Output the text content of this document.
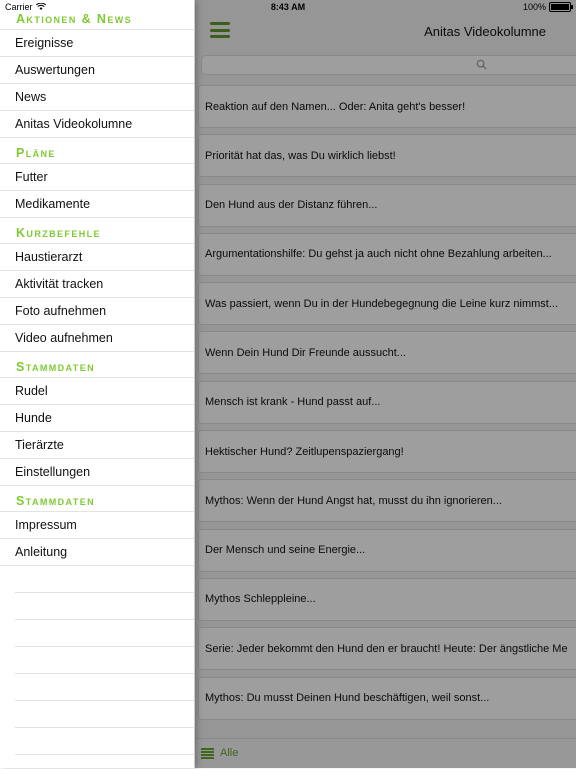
Carrier	8:43 AM	100%
Anitas Videokolumne
Reaktion auf den Namen... Oder: Anita geht's besser!
Priorität hat das, was Du wirklich liebst!
Den Hund aus der Distanz führen...
Argumentationshilfe: Du gehst ja auch nicht ohne Bezahlung arbeiten...
Was passiert, wenn Du in der Hundebegegnung die Leine kurz nimmst...
Wenn Dein Hund Dir Freunde aussucht...
Mensch ist krank - Hund passt auf...
Hektischer Hund? Zeitlupenspaziergang!
Mythos: Wenn der Hund Angst hat, musst du ihn ignorieren...
Der Mensch und seine Energie...
Mythos Schleppleine...
Serie: Jeder bekommt den Hund den er braucht! Heute: Der ängstliche Me
Mythos: Du musst Deinen Hund beschäftigen, weil sonst...
Alle
Aktionen & News
Ereignisse
Auswertungen
News
Anitas Videokolumne
Pläne
Futter
Medikamente
Kurzbefehle
Haustierarzt
Aktivität tracken
Foto aufnehmen
Video aufnehmen
Stammdaten
Rudel
Hunde
Tierärzte
Einstellungen
Stammdaten
Impressum
Anleitung
